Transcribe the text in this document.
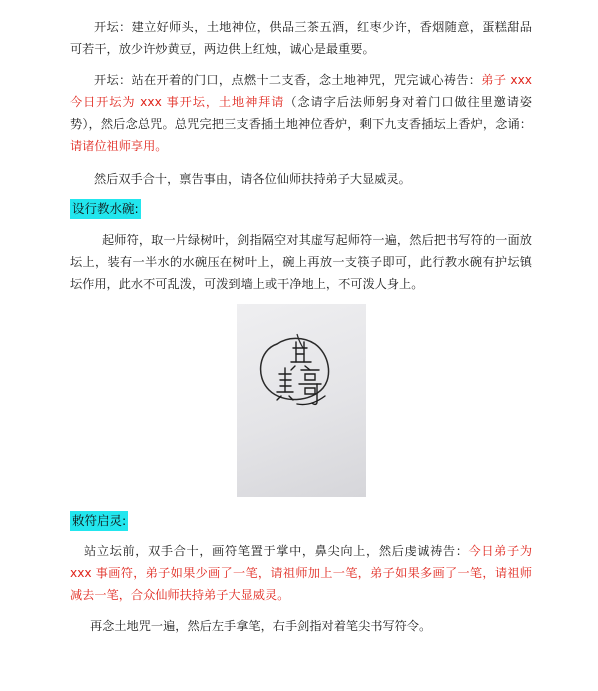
开坛：建立好师头，土地神位，供品三茶五酒，红枣少许，香烟随意，蛋糕甜品可若干，放少许炒黄豆，两边供上红烛，诚心是最重要。

开坛：站在开着的门口，点燃十二支香，念土地神咒，咒完诚心祷告：弟子 xxx 今日开坛为 xxx 事开坛，土地神拜请（念请字后法师躬身对着门口做往里邀请姿势），然后念总咒。总咒完把三支香插土地神位香炉，剩下九支香插坛上香炉，念诵：请诸位祖师享用。

然后双手合十，禀告事由，请各位仙师扶持弟子大显威灵。

设行教水碗:

起师符，取一片绿树叶，剑指隔空对其虚写起师符一遍，然后把书写符的一面放坛上，装有一半水的水碗压在树叶上，碗上再放一支筷子即可，此行教水碗有护坛镇坛作用，此水不可乱泼，可泼到墙上或干净地上，不可泼人身上。

敕符启灵:

站立坛前，双手合十，画符笔置于掌中，鼻尖向上，然后虔诚祷告：今日弟子为 xxx 事画符，弟子如果少画了一笔，请祖师加上一笔，弟子如果多画了一笔，请祖师减去一笔，合众仙师扶持弟子大显威灵。

再念土地咒一遍，然后左手拿笔，右手剑指对着笔尖书写符令。
